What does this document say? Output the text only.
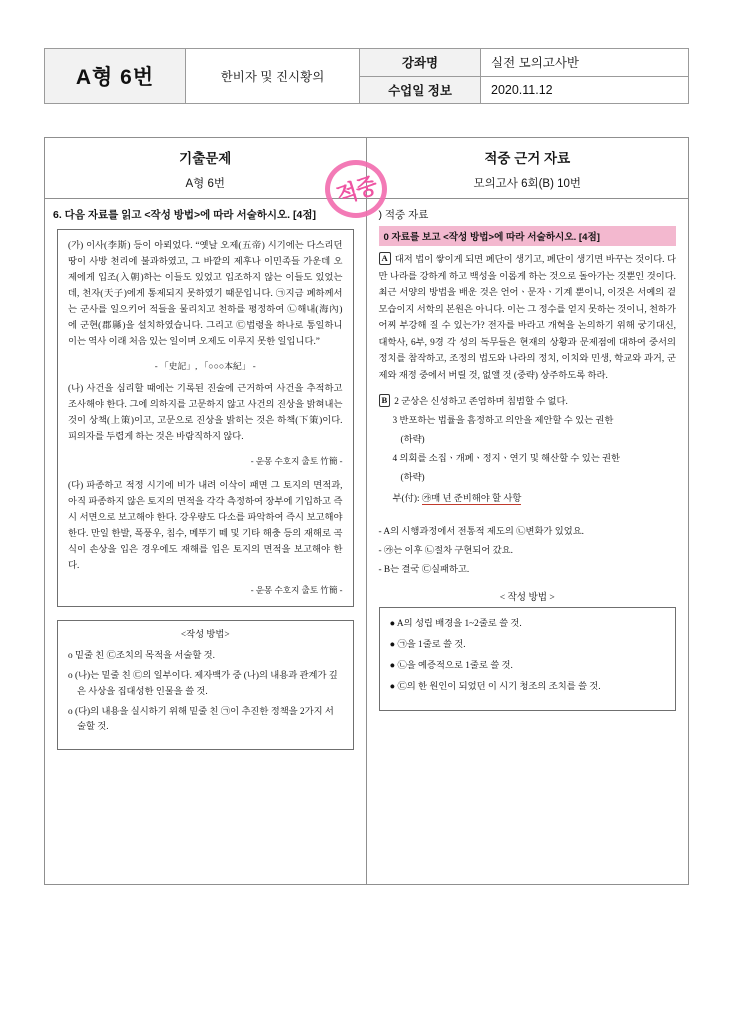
A형 6번	한비자 및 진시황의
강좌명	실전 모의고사반
수업일 정보	2020.11.12
기출문제
A형 6번
6. 다음 자료를 읽고 <작성 방법>에 따라 서술하시오. [4점]

(가) 이사(李斯) 등이 아뢰었다. “옛날 오제(五帝) 시기에는 다스리던 땅이 사방 천리에 불과하였고, 그 바깥의 제후나 이민족들 가운데 오제에게 입조(入朝)하는 이들도 있었고 입조하지 않는 이들도 있었는데, 천자(天子)에게 통제되지 못하였기 때문입니다. ㉠지금 폐하께서는 군사를 일으키어 적들을 물리치고 천하를 평정하여 ㉡해내(海內)에 군현(郡縣)을 설치하였습니다. 그리고 ㉢법령을 하나로 통일하니 이는 역사 이래 처음 있는 일이며 오제도 이루지 못한 일입니다.”

- 「史記」, 「○○○本紀」 -

(나) 사건을 심리할 때에는 기록된 진술에 근거하여 사건을 추적하고 조사해야 한다. 그에 의하지를 고문하지 않고 사건의 진상을 밝혀내는 것이 상책(上策)이고, 고문으로 진상을 밝히는 것은 하책(下策)이다. 피의자를 두렵게 하는 것은 바람직하지 않다.

- 운몽 수호지 출토 竹簡 -

(다) 파종하고 적정 시기에 비가 내려 이삭이 패면 그 토지의 면적과, 아직 파종하지 않은 토지의 면적을 각각 측정하여 장부에 기입하고 즉시 서면으로 보고해야 한다. 강우량도 다소를 파악하여 즉시 보고해야 한다. 만일 한발, 폭풍우, 침수, 메뚜기 떼 및 기타 해충 등의 재해로 곡식이 손상을 입은 경우에도 재해를 입은 토지의 면적을 보고해야 한다.

- 운몽 수호지 출토 竹簡 -
<작성 방법>
o 밑줄 친 ㉢조치의 목적을 서술할 것.
o (나)는 밑줄 친 ㉢의 일부이다. 제자백가 중 (나)의 내용과 관계가 깊은 사상을 집대성한 인물을 쓸 것.
o (다)의 내용을 실시하기 위해 밑줄 친 ㉠이 추진한 정책을 2가지 서술할 것.
적중 근거 자료
모의고사 6회(B) 10번
) 적중 자료
0 자료를 보고 <작성 방법>에 따라 서술하시오. [4점]

A 대저 법이 쌓이게 되면 폐단이 생기고, 폐단이 생기면 바꾸는 것이다. 다만 나라를 강하게 하고 백성을 이롭게 하는 것으로 돌아가는 것뿐인 것이다. 최근 서양의 방법을 배운 것은 언어ㆍ문자ㆍ기계 뿐이니, 이것은 서예의 겉모습이지 서학의 본원은 아니다. 이는 그 정수를 얻지 못하는 것이니, 천하가 어찌 부강해 질 수 있는가? 전자를 바라고 개혁을 논의하기 위해 궁기대신, 대학사, 6부, 9경 각 성의 독무들은 현재의 상황과 문제점에 대하여 중서의 정치를 참작하고, 조정의 법도와 나라의 정치, 이치와 민생, 학교와 과거, 군제와 재정 중에서 버릴 것, 없앨 것 (중략) 상주하도록 하라.

B 2 군상은 신성하고 존엄하며 침범할 수 없다.
3 반포하는 법률을 흠정하고 의안을 제안할 수 있는 권한
(하략)
4 의회를 소집ㆍ개폐ㆍ정지ㆍ연기 및 해산할 수 있는 권한
(하략)
부(付): ㉮매 넌 준비해야 할 사항
- A의 시행과정에서 전통적 제도의 ㉡변화가 있었요.
- ㉮는 이후 ㉡절차 구현되어 갔요.
- B는 결국 ㉢실패하고.
< 작성 방법 >
● A의 성립 배경을 1~2줄로 쓸 것.
● ㉠을 1줄로 쓸 것.
● ㉡을 예증적으로 1줄로 쓸 것.
● ㉢의 한 원인이 되었던 이 시기 청조의 조치를 쓸 것.
적중
